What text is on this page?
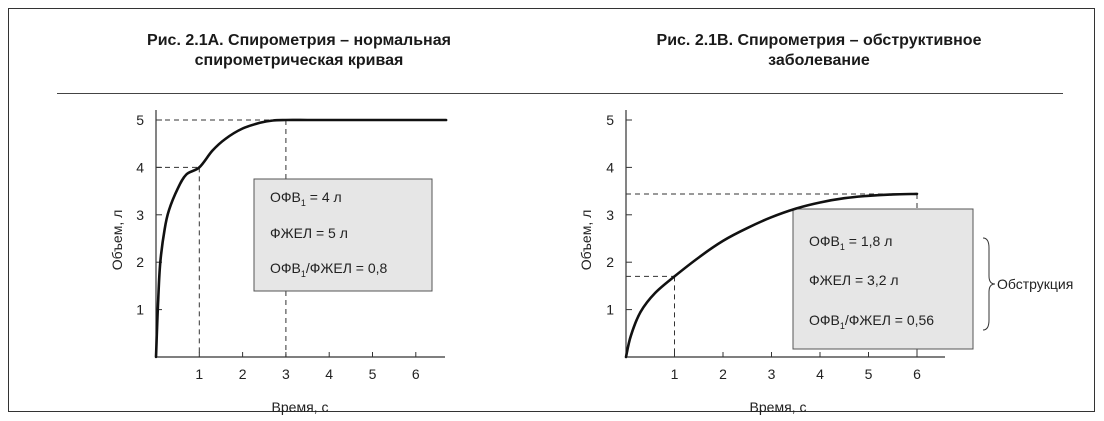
Рис. 2.1А. Спирометрия – нормальная
спирометрическая кривая
Рис. 2.1В. Спирометрия – обструктивное
заболевание
1	2	3	4	5	6
1
2
3
4
5
Время, с
Объем, л
$ОФВ_1 = 4$ л
ФЖЕЛ = 5 л
$ОФВ_1$/ФЖЕЛ = 0,8
1	2	3	4	5	6
1
2
3
4
5
Время, с
Объем, л	$ОФВ_1 = 1,8$ л
ФЖЕЛ = 3,2 л
$ОФВ_1$/ФЖЕЛ = 0,56
Обструкция
